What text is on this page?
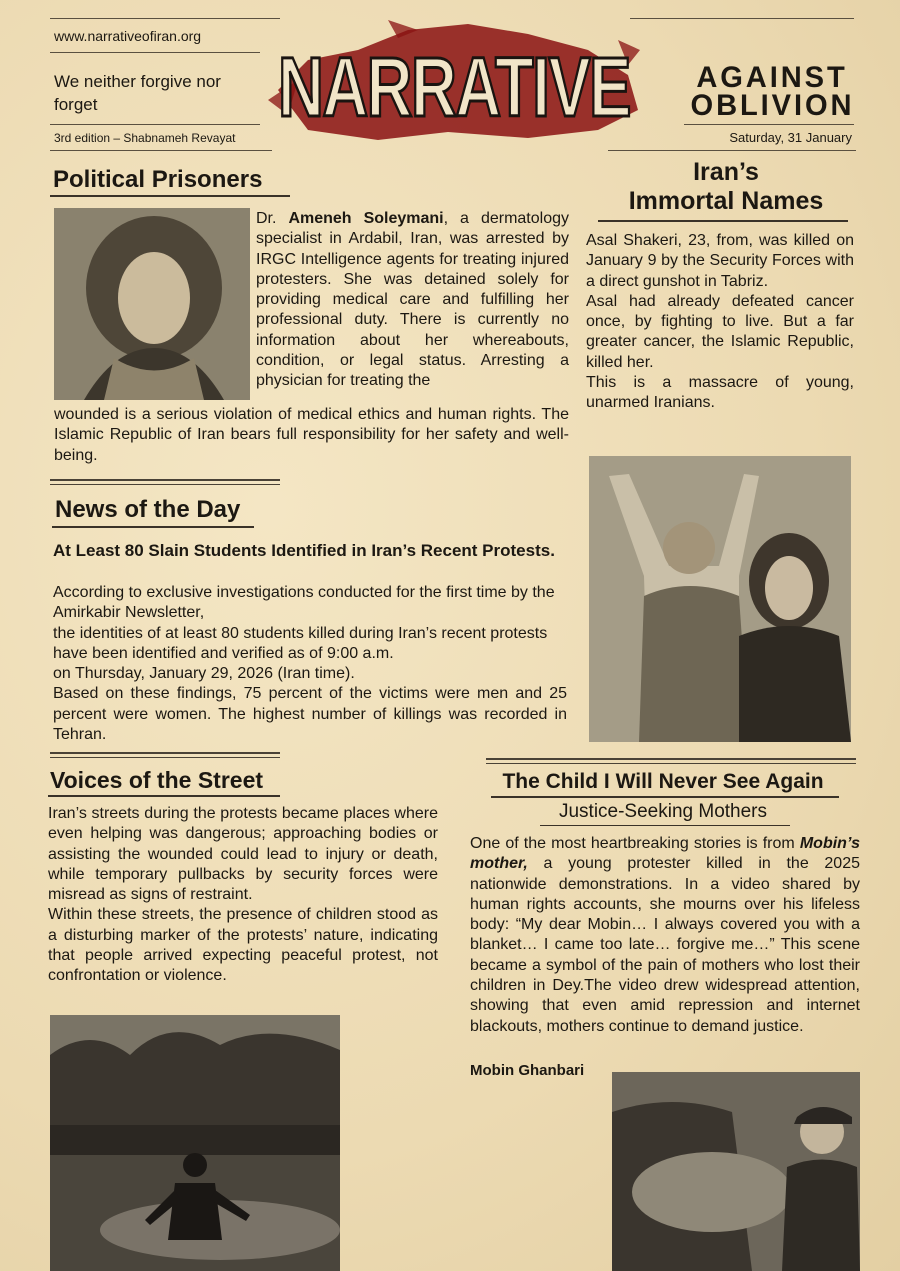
www.narrativeofiran.org
We neither forgive nor forget
3rd edition – Shabnameh Revayat
NARRATIVE AGAINST
OBLIVION
Saturday, 31 January
Political Prisoners
Dr. Ameneh Soleymani, a dermatology specialist in Ardabil, Iran, was arrested by IRGC Intelligence agents for treating injured protesters. She was detained solely for providing medical care and fulfilling her professional duty. There is currently no information about her whereabouts, condition, or legal status. Arresting a physician for treating the
wounded is a serious violation of medical ethics and human rights. The Islamic Republic of Iran bears full responsibility for her safety and well-being.
Iran’s
Immortal Names
Asal Shakeri, 23, from, was killed on January 9 by the Security Forces with a direct gunshot in Tabriz.
Asal had already defeated cancer once, by fighting to live. But a far greater cancer, the Islamic Republic, killed her.
This is a massacre of young, unarmed Iranians.
News of the Day
At Least 80 Slain Students Identified in Iran’s Recent Protests.
According to exclusive investigations conducted for the first time by the Amirkabir Newsletter,
the identities of at least 80 students killed during Iran’s recent protests have been identified and verified as of 9:00 a.m.
on Thursday, January 29, 2026 (Iran time).
Based on these findings, 75 percent of the victims were men and 25 percent were women. The highest number of killings was recorded in Tehran.
Voices of the Street
Iran’s streets during the protests became places where even helping was dangerous; approaching bodies or assisting the wounded could lead to injury or death, while temporary pullbacks by security forces were misread as signs of restraint.
Within these streets, the presence of children stood as a disturbing marker of the protests’ nature, indicating that people arrived expecting peaceful protest, not confrontation or violence.
The Child I Will Never See Again
Justice-Seeking Mothers
One of the most heartbreaking stories is from Mobin’s mother, a young protester killed in the 2025 nationwide demonstrations. In a video shared by human rights accounts, she mourns over his lifeless body: “My dear Mobin… I always covered you with a blanket… I came too late… forgive me…” This scene became a symbol of the pain of mothers who lost their children in Dey.The video drew widespread attention, showing that even amid repression and internet blackouts, mothers continue to demand justice.
Mobin Ghanbari
